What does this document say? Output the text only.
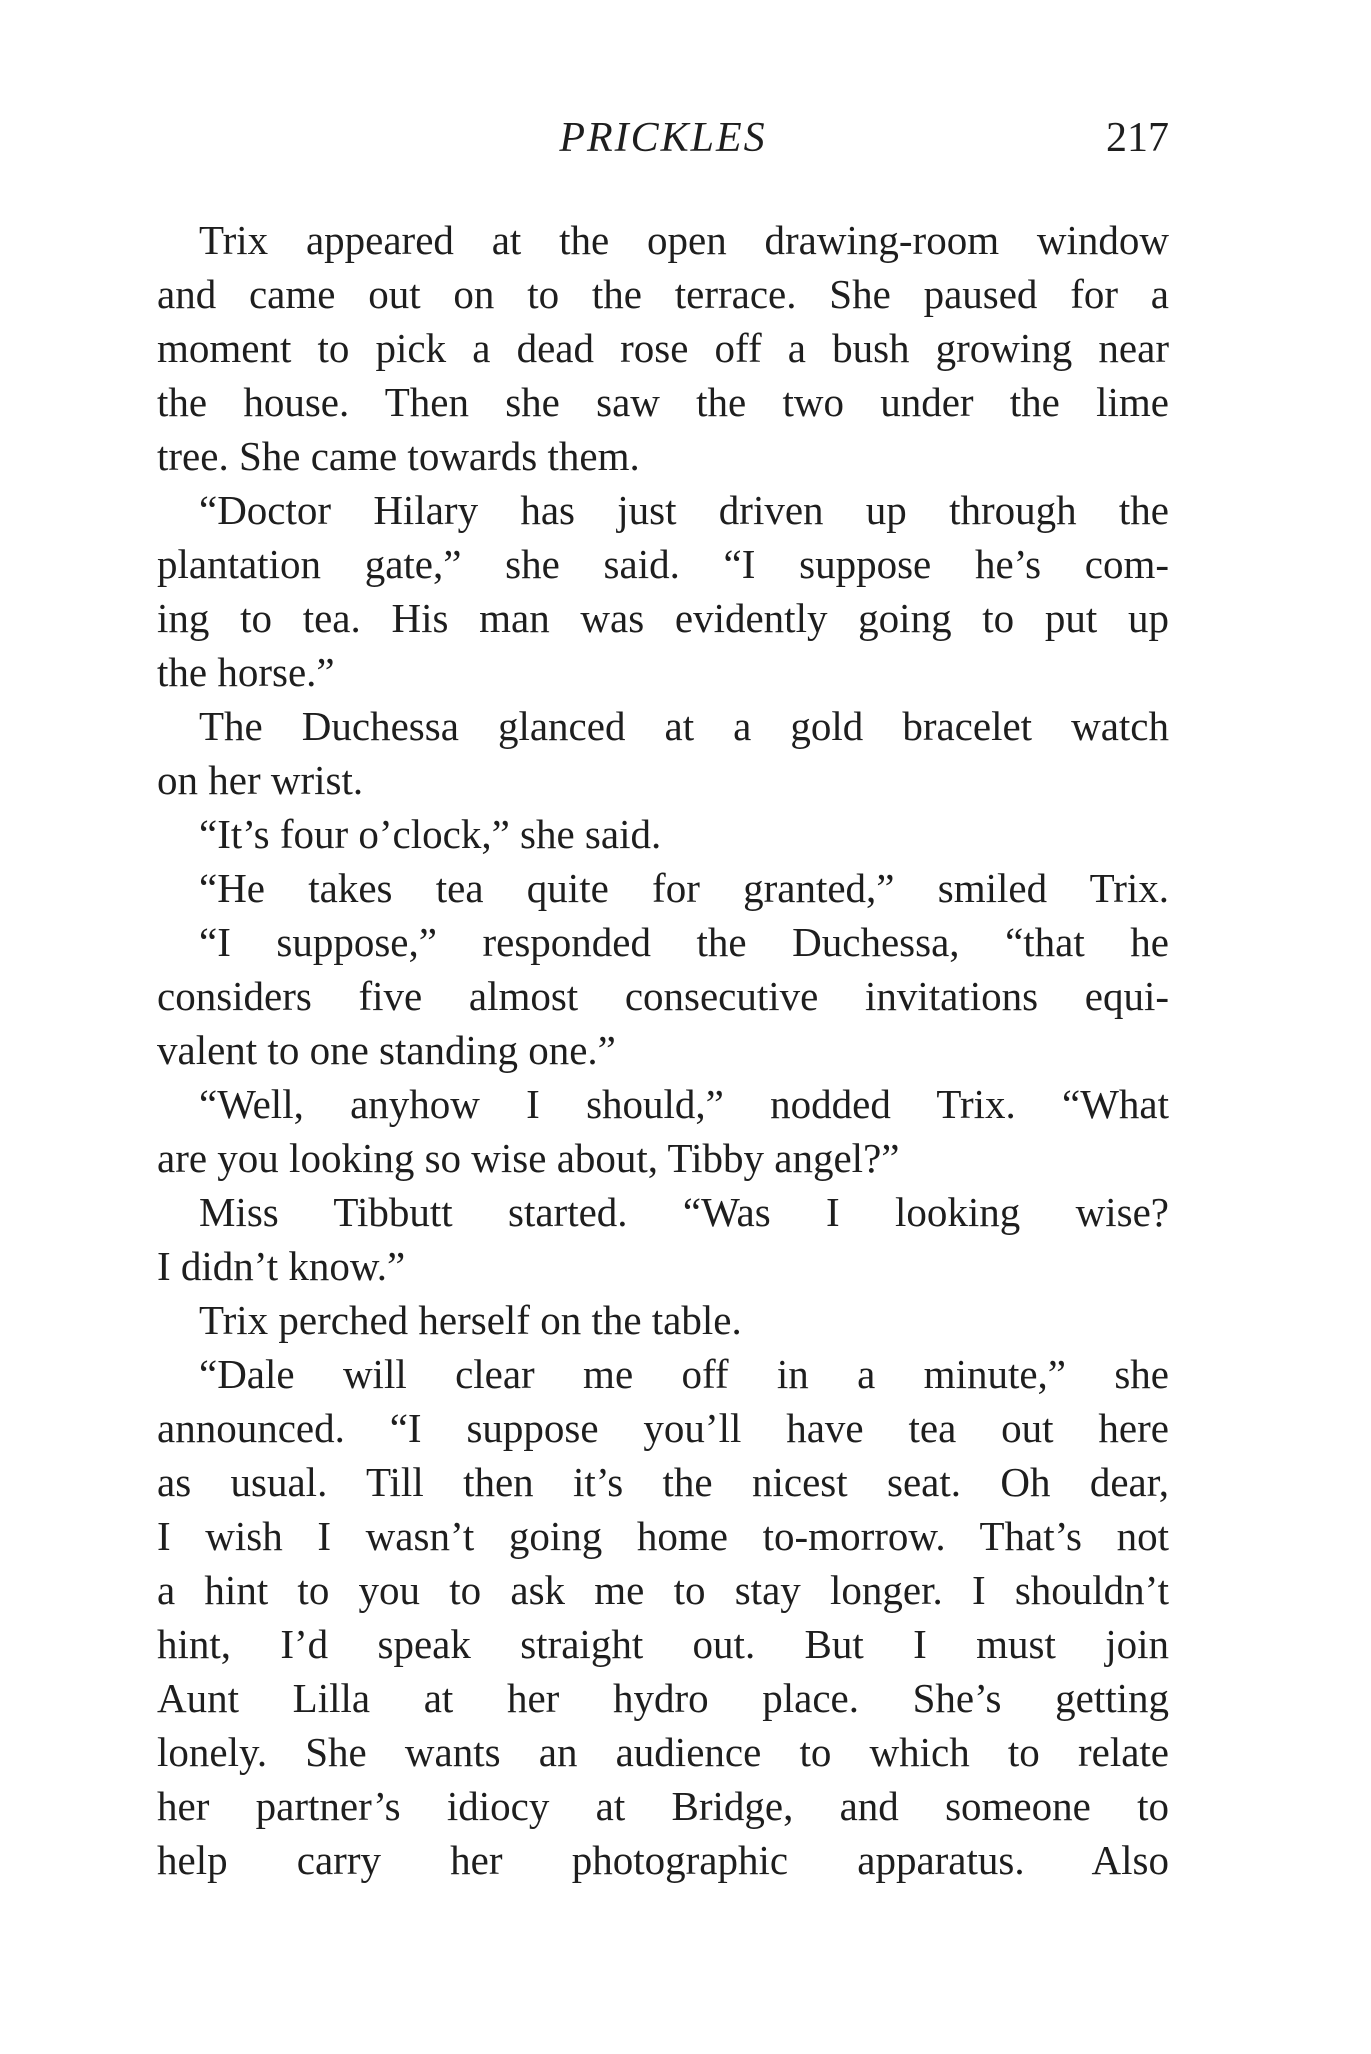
PRICKLES	217
Trix appeared at the open drawing-room window
and came out on to the terrace. She paused for a
moment to pick a dead rose off a bush growing near
the house. Then she saw the two under the lime
tree. She came towards them.
“Doctor Hilary has just driven up through the
plantation gate,” she said. “I suppose he’s com-
ing to tea. His man was evidently going to put up
the horse.”
The Duchessa glanced at a gold bracelet watch
on her wrist.
“It’s four o’clock,” she said.
“He takes tea quite for granted,” smiled Trix.
“I suppose,” responded the Duchessa, “that he
considers five almost consecutive invitations equi-
valent to one standing one.”
“Well, anyhow I should,” nodded Trix. “What
are you looking so wise about, Tibby angel?”
Miss Tibbutt started. “Was I looking wise?
I didn’t know.”
Trix perched herself on the table.
“Dale will clear me off in a minute,” she
announced. “I suppose you’ll have tea out here
as usual. Till then it’s the nicest seat. Oh dear,
I wish I wasn’t going home to-morrow. That’s not
a hint to you to ask me to stay longer. I shouldn’t
hint, I’d speak straight out. But I must join
Aunt Lilla at her hydro place. She’s getting
lonely. She wants an audience to which to relate
her partner’s idiocy at Bridge, and someone to
help carry her photographic apparatus. Also
